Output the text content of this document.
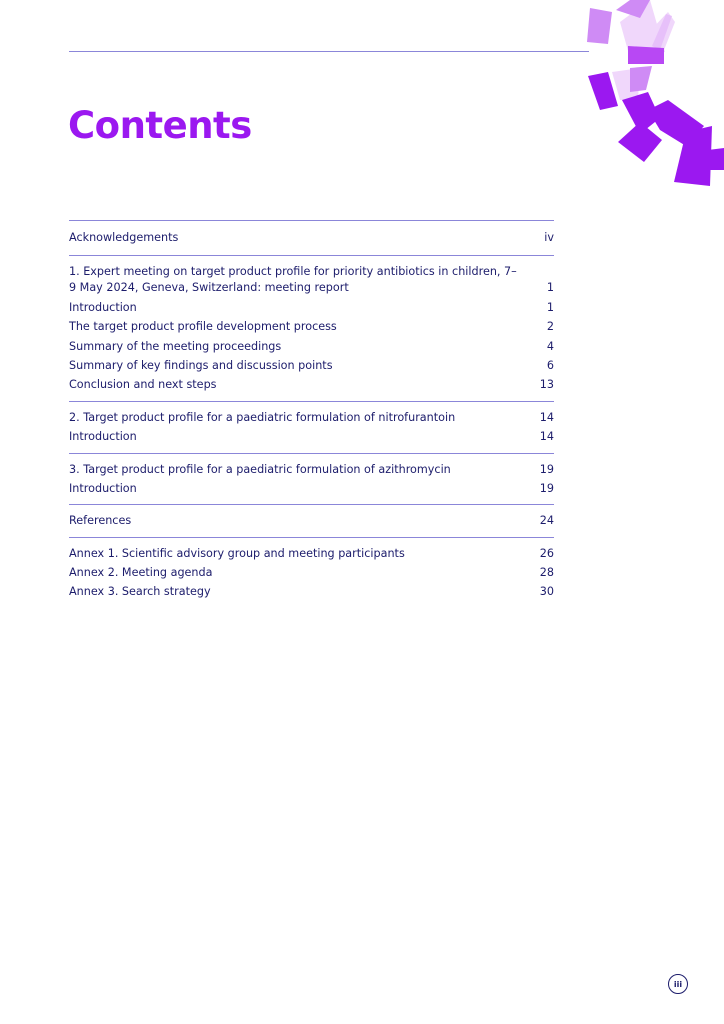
Contents
Acknowledgements	iv
1. Expert meeting on target product profile for priority antibiotics in children, 7–9 May 2024, Geneva, Switzerland: meeting report	1
Introduction	1
The target product profile development process	2
Summary of the meeting proceedings	4
Summary of key findings and discussion points	6
Conclusion and next steps	13
2. Target product profile for a paediatric formulation of nitrofurantoin	14
Introduction	14
3. Target product profile for a paediatric formulation of azithromycin	19
Introduction	19
References	24
Annex 1. Scientific advisory group and meeting participants	26
Annex 2. Meeting agenda	28
Annex 3. Search strategy	30
iii
